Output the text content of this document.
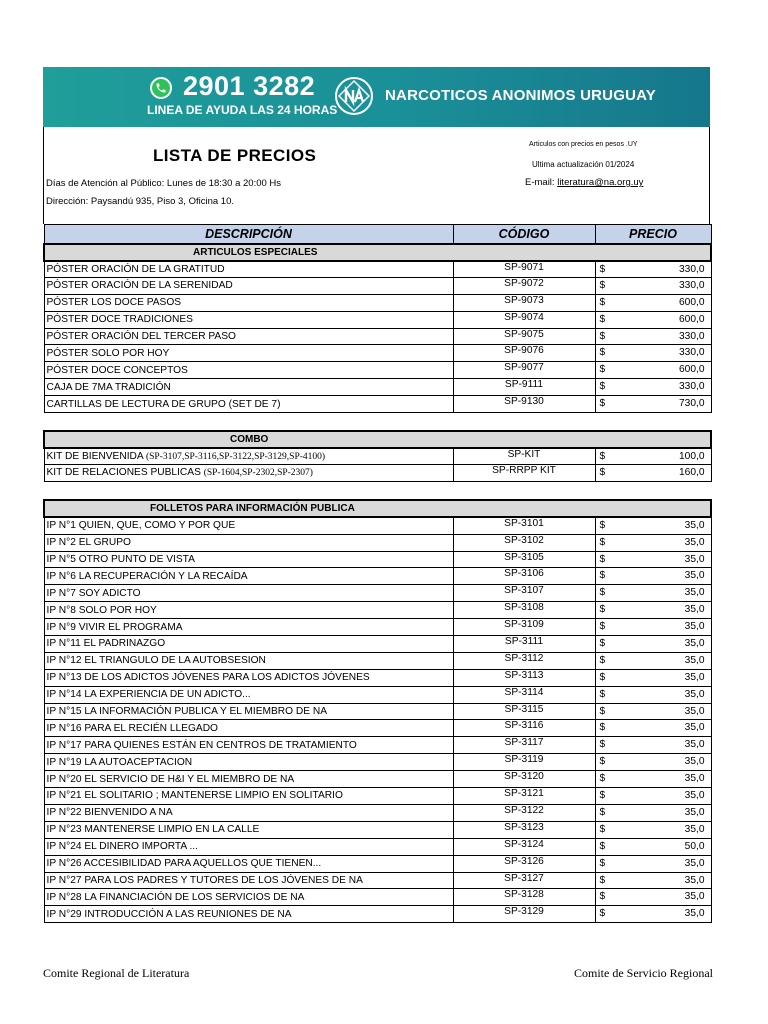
2901 3282
LINEA DE AYUDA LAS 24 HORAS
NARCOTICOS ANONIMOS URUGUAY
LISTA DE PRECIOS
Articulos con precios en pesos .UY
Ultima actualización 01/2024
E-mail: literatura@na.org.uy
Días de Atención al Público: Lunes de 18:30 a 20:00 Hs
Dirección: Paysandú 935, Piso 3, Oficina 10.
DESCRIPCIÓN	CÓDIGO	PRECIO
ARTICULOS ESPECIALES		
PÓSTER ORACIÓN DE LA GRATITUD	SP-9071	$ 330,0

PÓSTER ORACIÓN DE LA SERENIDAD	SP-9072	$ 330,0

PÓSTER LOS DOCE PASOS	SP-9073	$ 600,0

PÓSTER DOCE TRADICIONES	SP-9074	$ 600,0

PÓSTER ORACIÓN DEL TERCER PASO	SP-9075	$ 330,0

PÓSTER SOLO POR HOY	SP-9076	$ 330,0

PÓSTER DOCE CONCEPTOS	SP-9077	$ 600,0

CAJA DE 7MA TRADICIÓN	SP-9111	$ 330,0

CARTILLAS DE LECTURA DE GRUPO (SET DE 7)	SP-9130	$ 730,0

COMBO		
KIT DE BIENVENIDA (SP-3107,SP-3116,SP-3122,SP-3129,SP-4100)	SP-KIT	$ 100,0

KIT DE RELACIONES PUBLICAS (SP-1604,SP-2302,SP-2307)	SP-RRPP KIT	$ 160,0

FOLLETOS PARA INFORMACIÓN PUBLICA		
IP N°1 QUIEN, QUE, COMO Y POR QUE	SP-3101	$ 35,0

IP N°2 EL GRUPO	SP-3102	$ 35,0

IP N°5 OTRO PUNTO DE VISTA	SP-3105	$ 35,0

IP N°6 LA RECUPERACIÓN Y LA RECAÍDA	SP-3106	$ 35,0

IP N°7 SOY ADICTO	SP-3107	$ 35,0

IP N°8 SOLO POR HOY	SP-3108	$ 35,0

IP N°9 VIVIR EL PROGRAMA	SP-3109	$ 35,0

IP N°11 EL PADRINAZGO	SP-3111	$ 35,0

IP N°12 EL TRIANGULO DE LA AUTOBSESION	SP-3112	$ 35,0

IP N°13 DE LOS ADICTOS JÓVENES PARA LOS ADICTOS JÓVENES	SP-3113	$ 35,0

IP N°14 LA EXPERIENCIA DE UN ADICTO...	SP-3114	$ 35,0

IP N°15 LA INFORMACIÓN PUBLICA Y EL MIEMBRO DE NA	SP-3115	$ 35,0

IP N°16 PARA EL RECIÉN LLEGADO	SP-3116	$ 35,0

IP N°17 PARA QUIENES ESTÁN EN CENTROS DE TRATAMIENTO	SP-3117	$ 35,0

IP N°19 LA AUTOACEPTACION	SP-3119	$ 35,0

IP N°20 EL SERVICIO DE H&I Y EL MIEMBRO DE NA	SP-3120	$ 35,0

IP N°21 EL SOLITARIO ; MANTENERSE LIMPIO EN SOLITARIO	SP-3121	$ 35,0

IP N°22 BIENVENIDO A NA	SP-3122	$ 35,0

IP N°23 MANTENERSE LIMPIO EN LA CALLE	SP-3123	$ 35,0

IP N°24 EL DINERO IMPORTA ...	SP-3124	$ 50,0

IP N°26 ACCESIBILIDAD PARA AQUELLOS QUE TIENEN...	SP-3126	$ 35,0

IP N°27 PARA LOS PADRES Y TUTORES DE LOS JÓVENES DE NA	SP-3127	$ 35,0

IP N°28 LA FINANCIACIÓN DE LOS SERVICIOS DE NA	SP-3128	$ 35,0

IP N°29 INTRODUCCIÓN A LAS REUNIONES DE NA	SP-3129	$ 35,0
Comite Regional de Literatura	Comite de Servicio Regional
